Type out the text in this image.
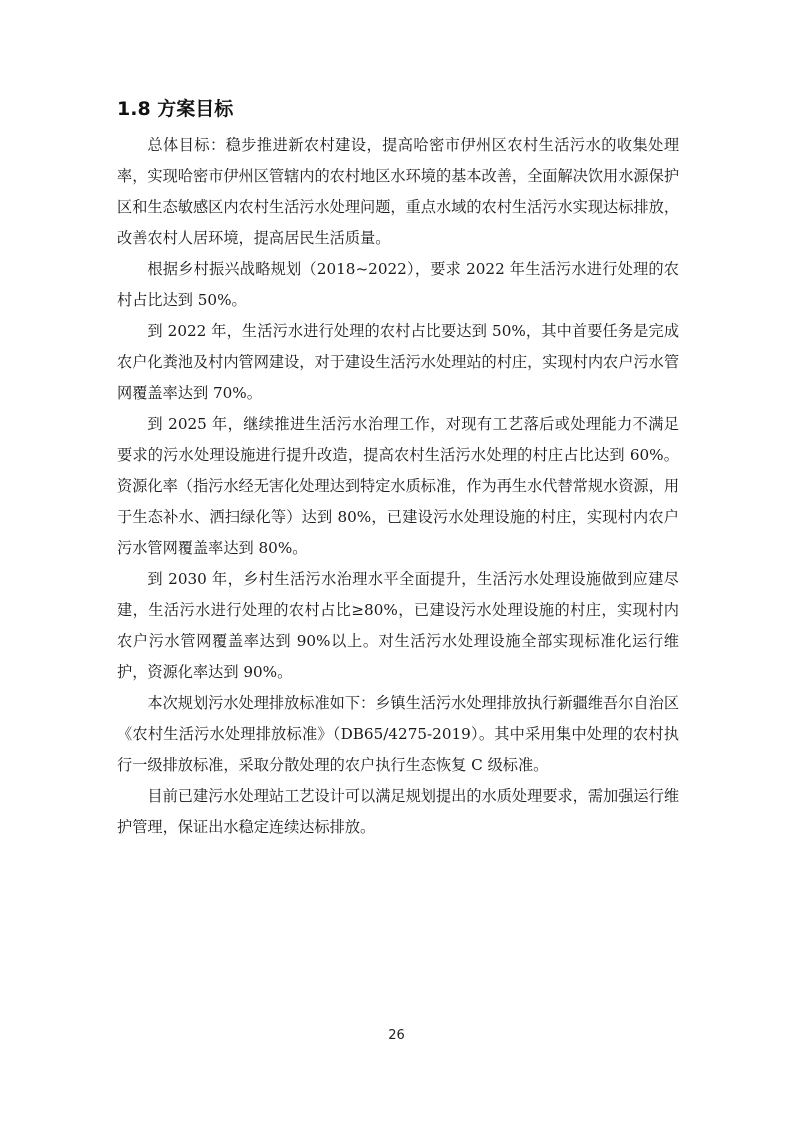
1.8 方案目标

总体目标：稳步推进新农村建设，提高哈密市伊州区农村生活污水的收集处理率，实现哈密市伊州区管辖内的农村地区水环境的基本改善，全面解决饮用水源保护区和生态敏感区内农村生活污水处理问题，重点水域的农村生活污水实现达标排放，改善农村人居环境，提高居民生活质量。

根据乡村振兴战略规划（2018~2022），要求 2022 年生活污水进行处理的农村占比达到 50%。

到 2022 年，生活污水进行处理的农村占比要达到 50%，其中首要任务是完成农户化粪池及村内管网建设，对于建设生活污水处理站的村庄，实现村内农户污水管网覆盖率达到 70%。

到 2025 年，继续推进生活污水治理工作，对现有工艺落后或处理能力不满足要求的污水处理设施进行提升改造，提高农村生活污水处理的村庄占比达到 60%。资源化率（指污水经无害化处理达到特定水质标准，作为再生水代替常规水资源，用于生态补水、洒扫绿化等）达到 80%，已建设污水处理设施的村庄，实现村内农户污水管网覆盖率达到 80%。

到 2030 年，乡村生活污水治理水平全面提升，生活污水处理设施做到应建尽建，生活污水进行处理的农村占比≥80%，已建设污水处理设施的村庄，实现村内农户污水管网覆盖率达到 90%以上。对生活污水处理设施全部实现标准化运行维护，资源化率达到 90%。

本次规划污水处理排放标准如下：乡镇生活污水处理排放执行新疆维吾尔自治区《农村生活污水处理排放标准》（DB65/4275-2019）。其中采用集中处理的农村执行一级排放标准，采取分散处理的农户执行生态恢复 C 级标准。

目前已建污水处理站工艺设计可以满足规划提出的水质处理要求，需加强运行维护管理，保证出水稳定连续达标排放。

26
